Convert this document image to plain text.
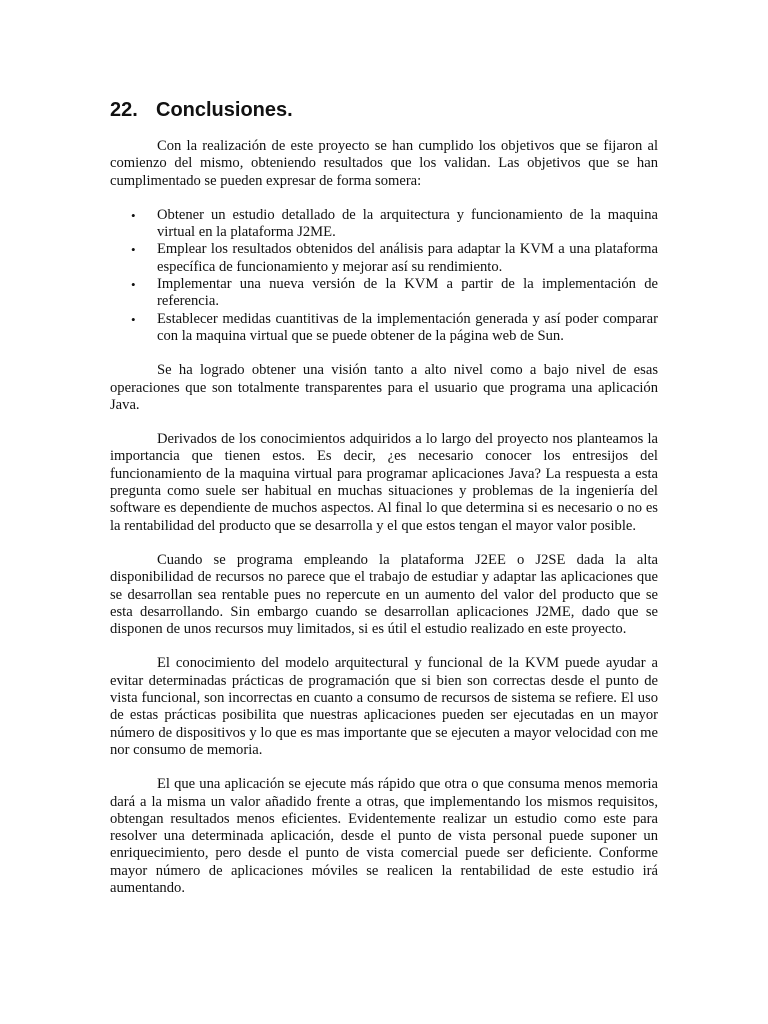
22. Conclusiones.

Con la realización de este proyecto se han cumplido los objetivos que se fijaron al comienzo del mismo, obteniendo resultados que los validan. Las objetivos que se han cumplimentado se pueden expresar de forma somera:

• Obtener un estudio detallado de la arquitectura y funcionamiento de la maquina virtual en la plataforma J2ME.
• Emplear los resultados obtenidos del análisis para adaptar la KVM a una plataforma específica de funcionamiento y mejorar así su rendimiento.
• Implementar una nueva versión de la KVM a partir de la implementación de referencia.
• Establecer medidas cuantitivas de la implementación generada y así poder comparar con la maquina virtual que se puede obtener de la página web de Sun.

Se ha logrado obtener una visión tanto a alto nivel como a bajo nivel de esas operaciones que son totalmente transparentes para el usuario que programa una aplicación Java.

Derivados de los conocimientos adquiridos a lo largo del proyecto nos planteamos la importancia que tienen estos. Es decir, ¿es necesario conocer los entresijos del funcionamiento de la maquina virtual para programar aplicaciones Java? La respuesta a esta pregunta como suele ser habitual en muchas situaciones y problemas de la ingeniería del software es dependiente de muchos aspectos. Al final lo que determina si es necesario o no es la rentabilidad del producto que se desarrolla y el que estos tengan el mayor valor posible.

Cuando se programa empleando la plataforma J2EE o J2SE dada la alta disponibilidad de recursos no parece que el trabajo de estudiar y adaptar las aplicaciones que se desarrollan sea rentable pues no repercute en un aumento del valor del producto que se esta desarrollando. Sin embargo cuando se desarrollan aplicaciones J2ME, dado que se disponen de unos recursos muy limitados, si es útil el estudio realizado en este proyecto.

El conocimiento del modelo arquitectural y funcional de la KVM puede ayudar a evitar determinadas prácticas de programación que si bien son correctas desde el punto de vista funcional, son incorrectas en cuanto a consumo de recursos de sistema se refiere. El uso de estas prácticas posibilita que nuestras aplicaciones pueden ser ejecutadas en un mayor número de dispositivos y lo que es mas importante que se ejecuten a mayor velocidad con me nor consumo de memoria.

El que una aplicación se ejecute más rápido que otra o que consuma menos memoria dará a la misma un valor añadido frente a otras, que implementando los mismos requisitos, obtengan resultados menos eficientes. Evidentemente realizar un estudio como este para resolver una determinada aplicación, desde el punto de vista personal puede suponer un enriquecimiento, pero desde el punto de vista comercial puede ser deficiente. Conforme mayor número de aplicaciones móviles se realicen la rentabilidad de este estudio irá aumentando.
